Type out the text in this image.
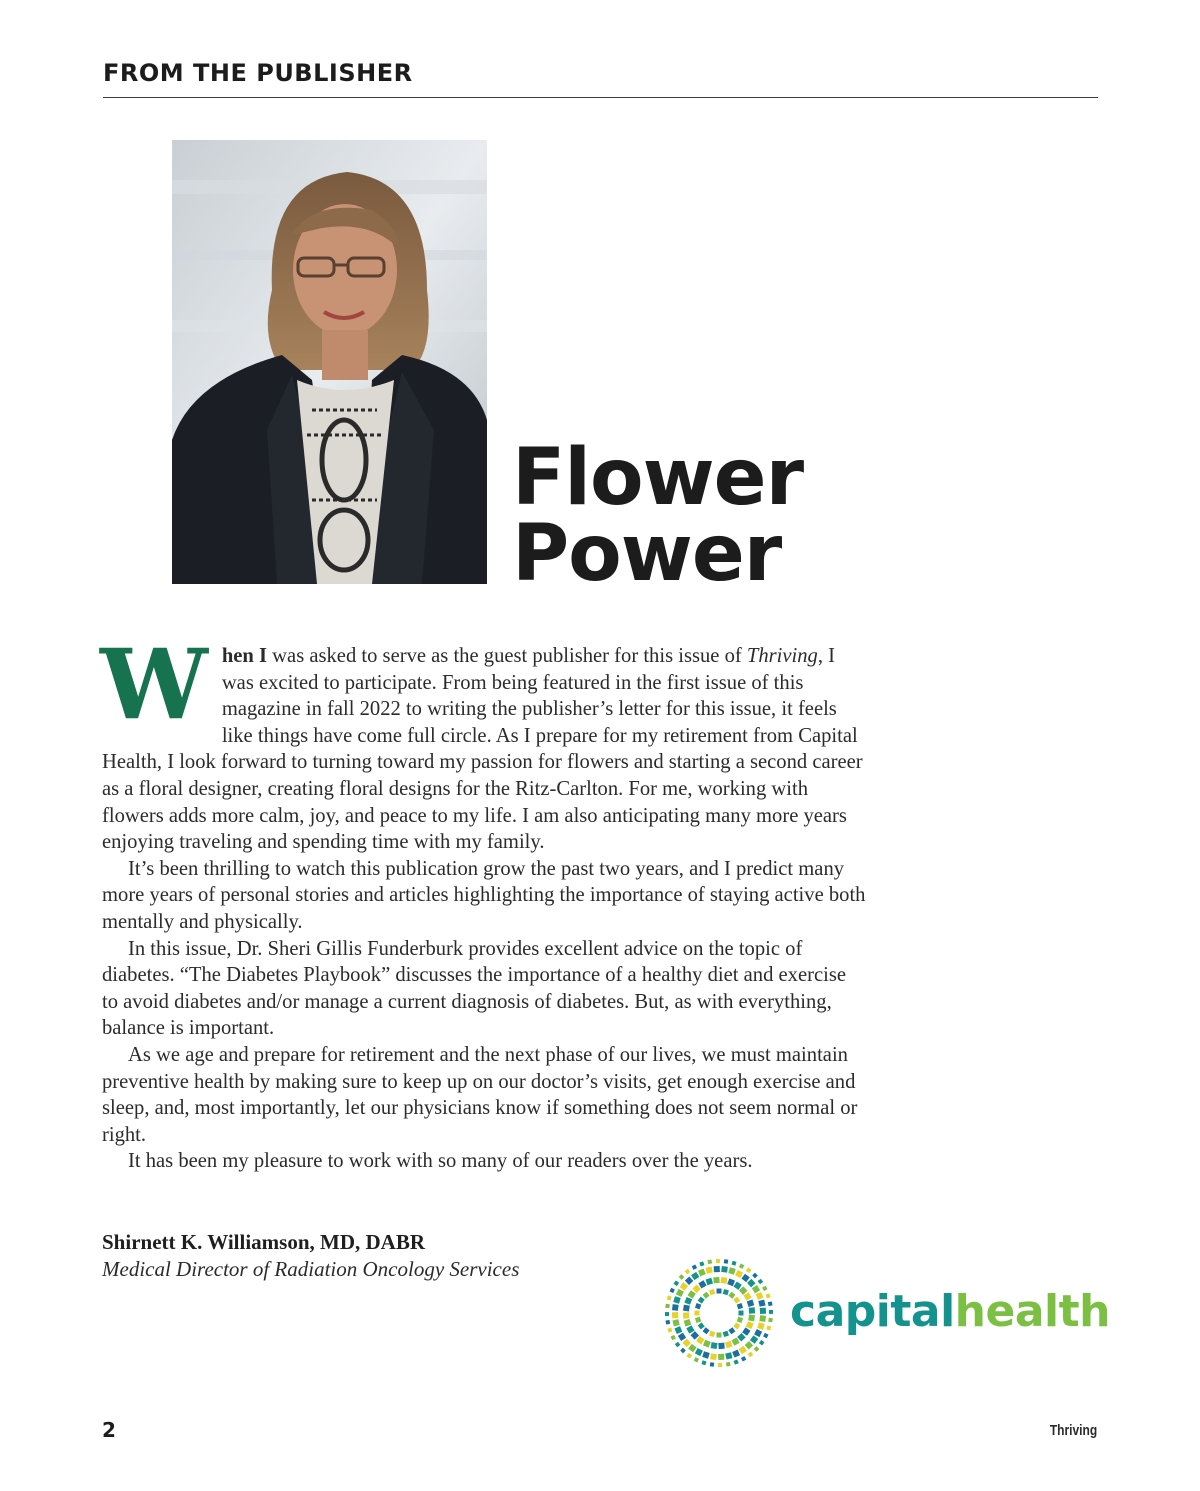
FROM THE PUBLISHER
Flower
Power

When I was asked to serve as the guest publisher for this issue of Thriving, I was excited to participate. From being featured in the first issue of this magazine in fall 2022 to writing the publisher’s letter for this issue, it feels like things have come full circle. As I prepare for my retirement from Capital Health, I look forward to turning toward my passion for flowers and starting a second career as a floral designer, creating floral designs for the Ritz-Carlton. For me, working with flowers adds more calm, joy, and peace to my life. I am also anticipating many more years enjoying traveling and spending time with my family.

It’s been thrilling to watch this publication grow the past two years, and I predict many more years of personal stories and articles highlighting the importance of staying active both mentally and physically.

In this issue, Dr. Sheri Gillis Funderburk provides excellent advice on the topic of diabetes. “The Diabetes Playbook” discusses the importance of a healthy diet and exercise to avoid diabetes and/or manage a current diagnosis of diabetes. But, as with everything, balance is important.

As we age and prepare for retirement and the next phase of our lives, we must maintain preventive health by making sure to keep up on our doctor’s visits, get enough exercise and sleep, and, most importantly, let our physicians know if something does not seem normal or right.

It has been my pleasure to work with so many of our readers over the years.

Shirnett K. Williamson, MD, DABR
Medical Director of Radiation Oncology Services
capitalhealth
2	Thriving
